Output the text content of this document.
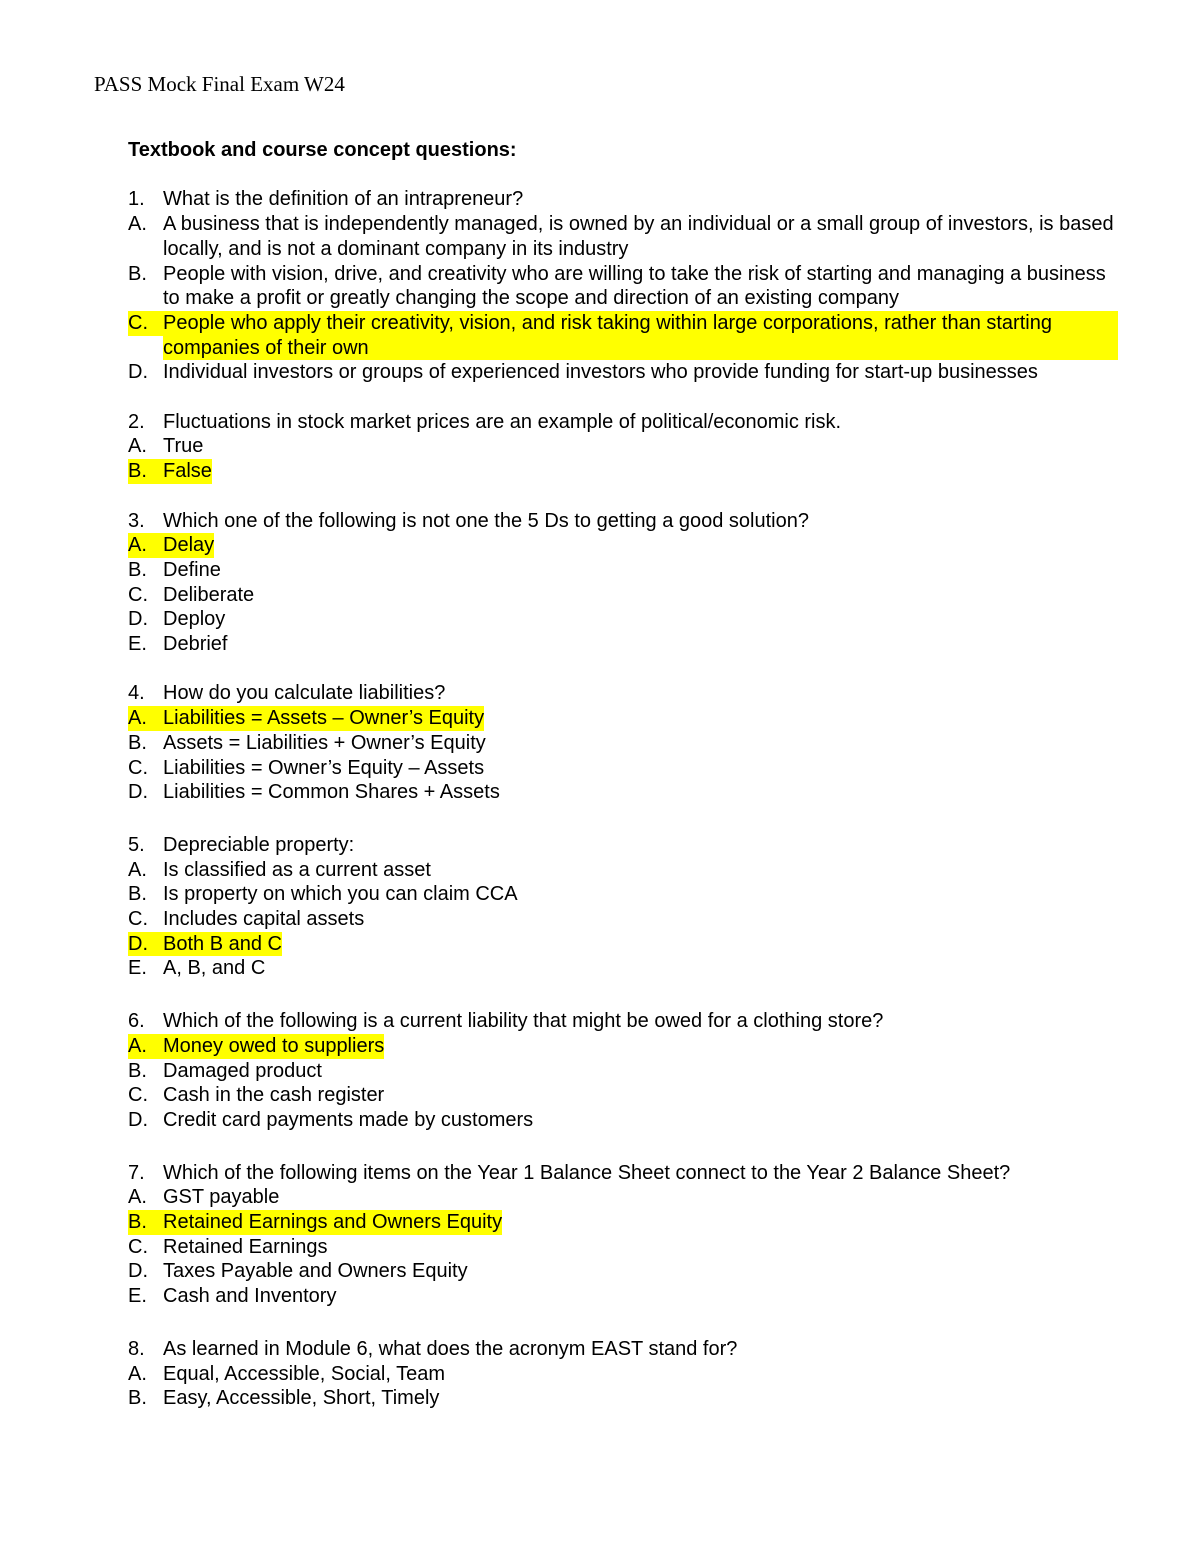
PASS Mock Final Exam W24
Textbook and course concept questions:
1. What is the definition of an intrapreneur?
A. A business that is independently managed, is owned by an individual or a small group of investors, is based locally, and is not a dominant company in its industry
B. People with vision, drive, and creativity who are willing to take the risk of starting and managing a business to make a profit or greatly changing the scope and direction of an existing company
C. People who apply their creativity, vision, and risk taking within large corporations, rather than starting companies of their own
D. Individual investors or groups of experienced investors who provide funding for start-up businesses
2. Fluctuations in stock market prices are an example of political/economic risk.
A. True
B. False
3. Which one of the following is not one the 5 Ds to getting a good solution?
A. Delay
B. Define
C. Deliberate
D. Deploy
E. Debrief
4. How do you calculate liabilities?
A. Liabilities = Assets – Owner’s Equity
B. Assets = Liabilities + Owner’s Equity
C. Liabilities = Owner’s Equity – Assets
D. Liabilities = Common Shares + Assets
5. Depreciable property:
A. Is classified as a current asset
B. Is property on which you can claim CCA
C. Includes capital assets
D. Both B and C
E. A, B, and C
6. Which of the following is a current liability that might be owed for a clothing store?
A. Money owed to suppliers
B. Damaged product
C. Cash in the cash register
D. Credit card payments made by customers
7. Which of the following items on the Year 1 Balance Sheet connect to the Year 2 Balance Sheet?
A. GST payable
B. Retained Earnings and Owners Equity
C. Retained Earnings
D. Taxes Payable and Owners Equity
E. Cash and Inventory
8. As learned in Module 6, what does the acronym EAST stand for?
A. Equal, Accessible, Social, Team
B. Easy, Accessible, Short, Timely
